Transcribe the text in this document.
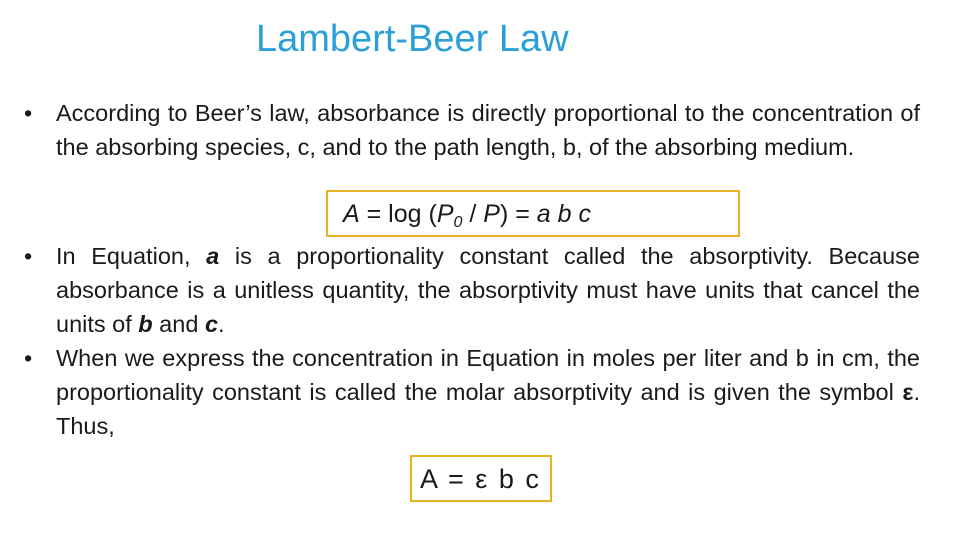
Lambert-Beer Law
• According to Beer’s law, absorbance is directly proportional to the concentration of the absorbing species, c, and to the path length, b, of the absorbing medium.
$A = \log (P_0 / P) = a$ b c
• In Equation, a is a proportionality constant called the absorptivity. Because absorbance is a unitless quantity, the absorptivity must have units that cancel the units of b and c.
• When we express the concentration in Equation in moles per liter and b in cm, the proportionality constant is called the molar absorptivity and is given the symbol ε. Thus,
A = ε b c
